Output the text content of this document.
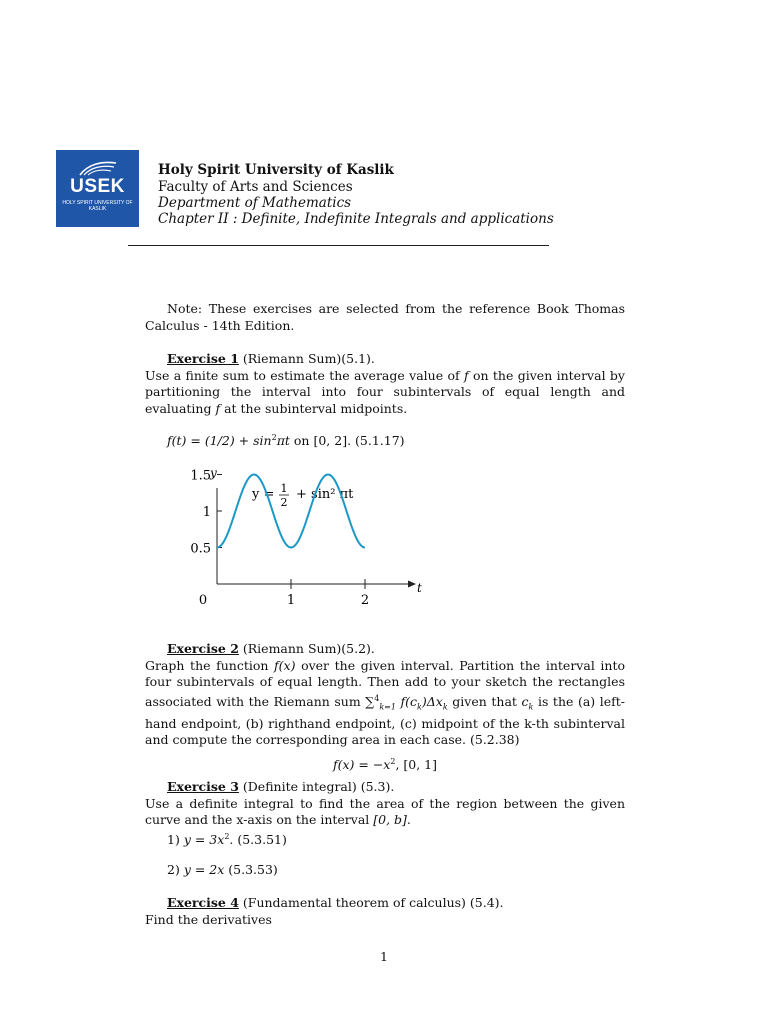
USEK
HOLY SPIRIT UNIVERSITY OF KASLIK
Holy Spirit University of Kaslik
Faculty of Arts and Sciences
Department of Mathematics
Chapter II : Definite, Indefinite Integrals and applications
Note: These exercises are selected from the reference Book Thomas Calculus - 14th Edition.
Exercise 1 (Riemann Sum)(5.1).
Use a finite sum to estimate the average value of f on the given interval by partitioning the interval into four subintervals of equal length and evaluating f at the subinterval midpoints.
$f(t) = (1/2) + \sin^2\pi t$ on [0, 2]. (5.1.17)
y
t
y = 1
2
+ sin² πt
0	1	2
0.5
1
1.5
Exercise 2 (Riemann Sum)(5.2).
Graph the function f(x) over the given interval. Partition the interval into four subintervals of equal length. Then add to your sketch the rectangles associated with the Riemann sum ∑$^4_{k=1}$ $f(c_k)\Delta x_k$ given that $c_k$ is the (a) left-hand endpoint, (b) righthand endpoint, (c) midpoint of the k-th subinterval and compute the corresponding area in each case. (5.2.38)
$f(x) = -x^2$, [0, 1]
Exercise 3 (Definite integral) (5.3).
Use a definite integral to find the area of the region between the given curve and the x-axis on the interval [0, b].
1) $y = 3x^2$. (5.3.51)
2) y = 2x (5.3.53)
Exercise 4 (Fundamental theorem of calculus) (5.4).
Find the derivatives
1
